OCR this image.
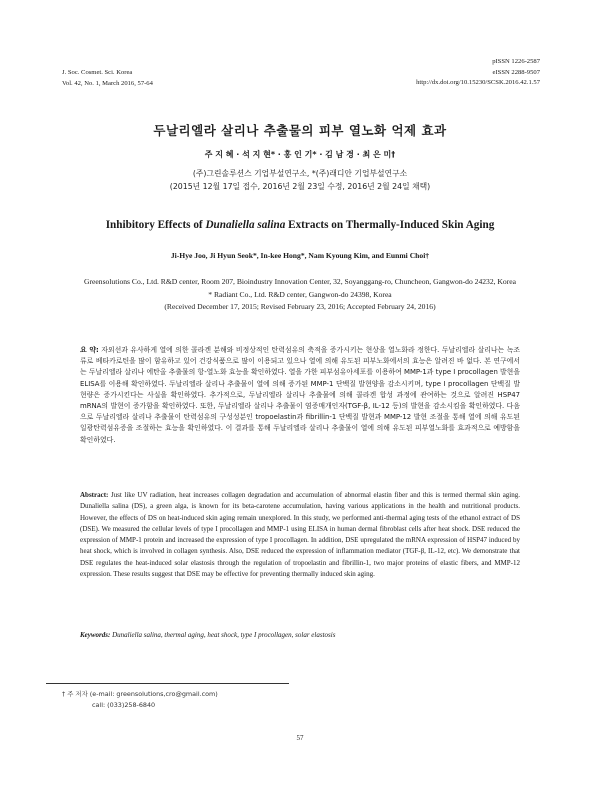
J. Soc. Cosmet. Sci. Korea
Vol. 42, No. 1, March 2016, 57-64
pISSN 1226-2587
eISSN 2288-9507
http://dx.doi.org/10.15230/SCSK.2016.42.1.57
두날리엘라 살리나 추출물의 피부 열노화 억제 효과
주 지 혜 · 석 지 현* · 홍 인 기* · 김 남 경 · 최 은 미†
(주)그린솔루션스 기업부설연구소, *(주)래디안 기업부설연구소
(2015년 12월 17일 접수, 2016년 2월 23일 수정, 2016년 2월 24일 채택)
Inhibitory Effects of Dunaliella salina Extracts on Thermally-Induced Skin Aging
Ji-Hye Joo, Ji Hyun Seok*, In-kee Hong*, Nam Kyoung Kim, and Eunmi Choi†
Greensolutions Co., Ltd. R&D center, Room 207, Bioindustry Innovation Center, 32, Soyanggang-ro, Chuncheon, Gangwon-do 24232, Korea
* Radiant Co., Ltd. R&D center, Gangwon-do 24398, Korea
(Received December 17, 2015; Revised February 23, 2016; Accepted February 24, 2016)
요 약: 자외선과 유사하게 열에 의한 콜라겐 분해와 비정상적인 탄력섬유의 축적을 증가시키는 현상을 열노화라 정한다. 두날리엘라 살리나는 녹조류로 베타카로틴을 많이 함유하고 있어 건강식품으로 많이 이용되고 있으나 열에 의해 유도된 피부노화에서의 효능은 알려진 바 없다. 본 연구에서는 두날리엘라 살리나 에탄올 추출물의 항-열노화 효능을 확인하였다. 열을 가한 피부섬유아세포를 이용하여 MMP-1과 type I procollagen 발현을 ELISA를 이용해 확인하였다. 두날리엘라 살리나 추출물이 열에 의해 증가된 MMP-1 단백질 발현양을 감소시키며, type I procollagen 단백질 발현량은 증가시킨다는 사실을 확인하였다. 추가적으로, 두날리엘라 살리나 추출물에 의해 콜라겐 합성 과정에 관여하는 것으로 알려진 HSP47 mRNA의 발현이 증가함을 확인하였다. 또한, 두날리엘라 살리나 추출물이 염증매개인자(TGF-β, IL-12 등)의 발현을 감소시킴을 확인하였다. 다음으로 두날리엘라 살리나 추출물이 탄력섬유의 구성성분인 tropoelastin과 fibrillin-1 단백질 발현과 MMP-12 발현 조절을 통해 열에 의해 유도된 일광탄력섬유증을 조절하는 효능을 확인하였다. 이 결과를 통해 두날리엘라 살리나 추출물이 열에 의해 유도된 피부열노화를 효과적으로 예방함을 확인하였다.
Abstract: Just like UV radiation, heat increases collagen degradation and accumulation of abnormal elastin fiber and this is termed thermal skin aging. Dunaliella salina (DS), a green alga, is known for its beta-carotene accumulation, having various applications in the health and nutritional products. However, the effects of DS on heat-induced skin aging remain unexplored. In this study, we performed anti-thermal aging tests of the ethanol extract of DS (DSE). We measured the cellular levels of type I procollagen and MMP-1 using ELISA in human dermal fibroblast cells after heat shock. DSE reduced the expression of MMP-1 protein and increased the expression of type I procollagen. In addition, DSE upregulated the mRNA expression of HSP47 induced by heat shock, which is involved in collagen synthesis. Also, DSE reduced the expression of inflammation mediator (TGF-β, IL-12, etc). We demonstrate that DSE regulates the heat-induced solar elastosis through the regulation of tropoelastin and fibrillin-1, two major proteins of elastic fibers, and MMP-12 expression. These results suggest that DSE may be effective for preventing thermally induced skin aging.
Keywords: Dunaliella salina, thermal aging, heat shock, type I procollagen, solar elastosis
† 주 저자 (e-mail: greensolutions,cro@gmail.com)
call: (033)258-6840
57
